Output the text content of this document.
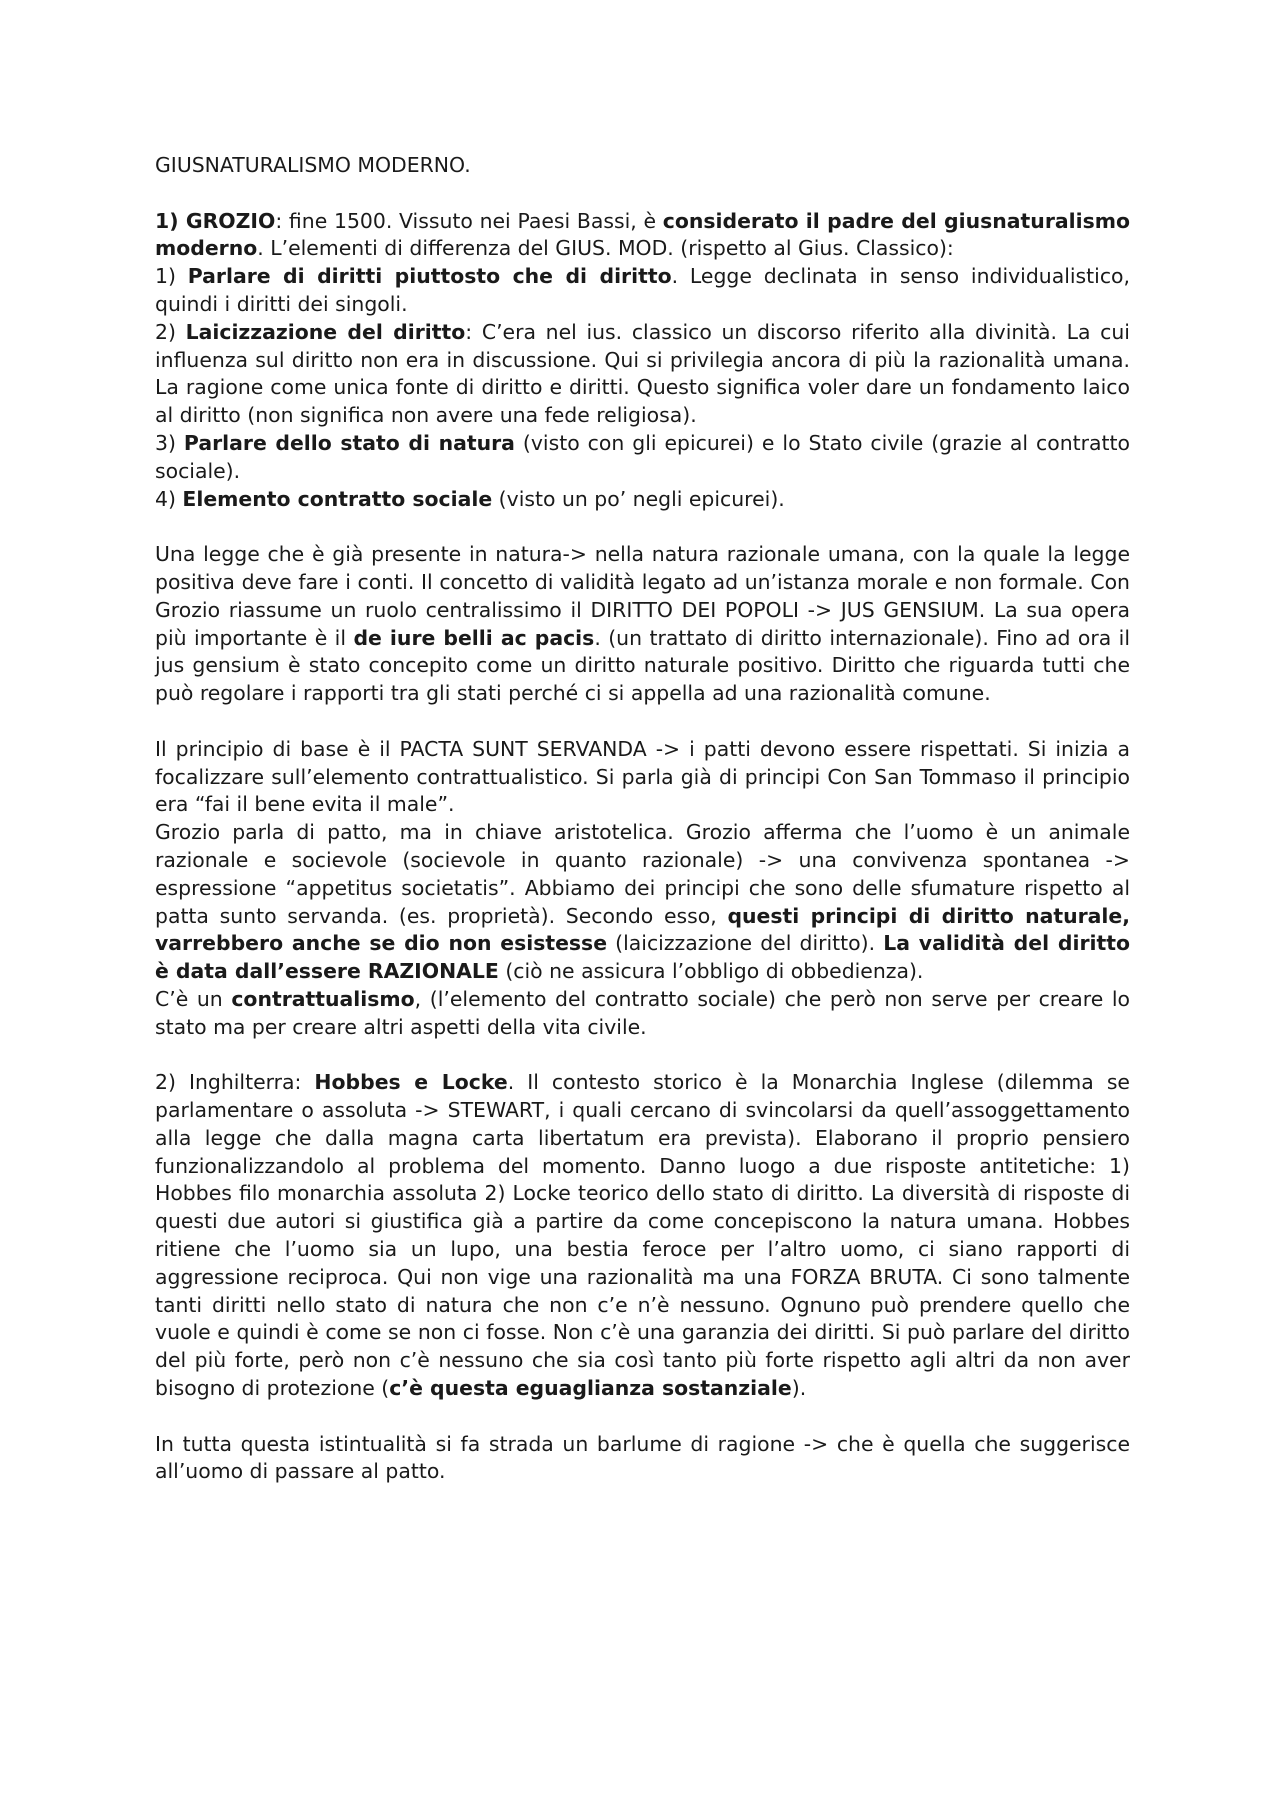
GIUSNATURALISMO MODERNO.

1) GROZIO: fine 1500. Vissuto nei Paesi Bassi, è considerato il padre del giusnaturalismo moderno. L’elementi di differenza del GIUS. MOD. (rispetto al Gius. Classico):

1) Parlare di diritti piuttosto che di diritto. Legge declinata in senso individualistico, quindi i diritti dei singoli.

2) Laicizzazione del diritto: C’era nel ius. classico un discorso riferito alla divinità. La cui influenza sul diritto non era in discussione. Qui si privilegia ancora di più la razionalità umana. La ragione come unica fonte di diritto e diritti. Questo significa voler dare un fondamento laico al diritto (non significa non avere una fede religiosa).

3) Parlare dello stato di natura (visto con gli epicurei) e lo Stato civile (grazie al contratto sociale).

4) Elemento contratto sociale (visto un po’ negli epicurei).

Una legge che è già presente in natura-> nella natura razionale umana, con la quale la legge positiva deve fare i conti. Il concetto di validità legato ad un’istanza morale e non formale. Con Grozio riassume un ruolo centralissimo il DIRITTO DEI POPOLI -> JUS GENSIUM. La sua opera più importante è il de iure belli ac pacis. (un trattato di diritto internazionale). Fino ad ora il jus gensium è stato concepito come un diritto naturale positivo. Diritto che riguarda tutti che può regolare i rapporti tra gli stati perché ci si appella ad una razionalità comune.

Il principio di base è il PACTA SUNT SERVANDA -> i patti devono essere rispettati. Si inizia a focalizzare sull’elemento contrattualistico. Si parla già di principi Con San Tommaso il principio era “fai il bene evita il male”.

Grozio parla di patto, ma in chiave aristotelica. Grozio afferma che l’uomo è un animale razionale e socievole (socievole in quanto razionale) -> una convivenza spontanea -> espressione “appetitus societatis”. Abbiamo dei principi che sono delle sfumature rispetto al patta sunto servanda. (es. proprietà). Secondo esso, questi principi di diritto naturale, varrebbero anche se dio non esistesse (laicizzazione del diritto). La validità del diritto è data dall’essere RAZIONALE (ciò ne assicura l’obbligo di obbedienza).

C’è un contrattualismo, (l’elemento del contratto sociale) che però non serve per creare lo stato ma per creare altri aspetti della vita civile.

2) Inghilterra: Hobbes e Locke. Il contesto storico è la Monarchia Inglese (dilemma se parlamentare o assoluta -> STEWART, i quali cercano di svincolarsi da quell’assoggettamento alla legge che dalla magna carta libertatum era prevista). Elaborano il proprio pensiero funzionalizzandolo al problema del momento. Danno luogo a due risposte antitetiche: 1) Hobbes filo monarchia assoluta 2) Locke teorico dello stato di diritto. La diversità di risposte di questi due autori si giustifica già a partire da come concepiscono la natura umana. Hobbes ritiene che l’uomo sia un lupo, una bestia feroce per l’altro uomo, ci siano rapporti di aggressione reciproca. Qui non vige una razionalità ma una FORZA BRUTA. Ci sono talmente tanti diritti nello stato di natura che non c’e n’è nessuno. Ognuno può prendere quello che vuole e quindi è come se non ci fosse. Non c’è una garanzia dei diritti. Si può parlare del diritto del più forte, però non c’è nessuno che sia così tanto più forte rispetto agli altri da non aver bisogno di protezione (c’è questa eguaglianza sostanziale).

In tutta questa istintualità si fa strada un barlume di ragione -> che è quella che suggerisce all’uomo di passare al patto.
